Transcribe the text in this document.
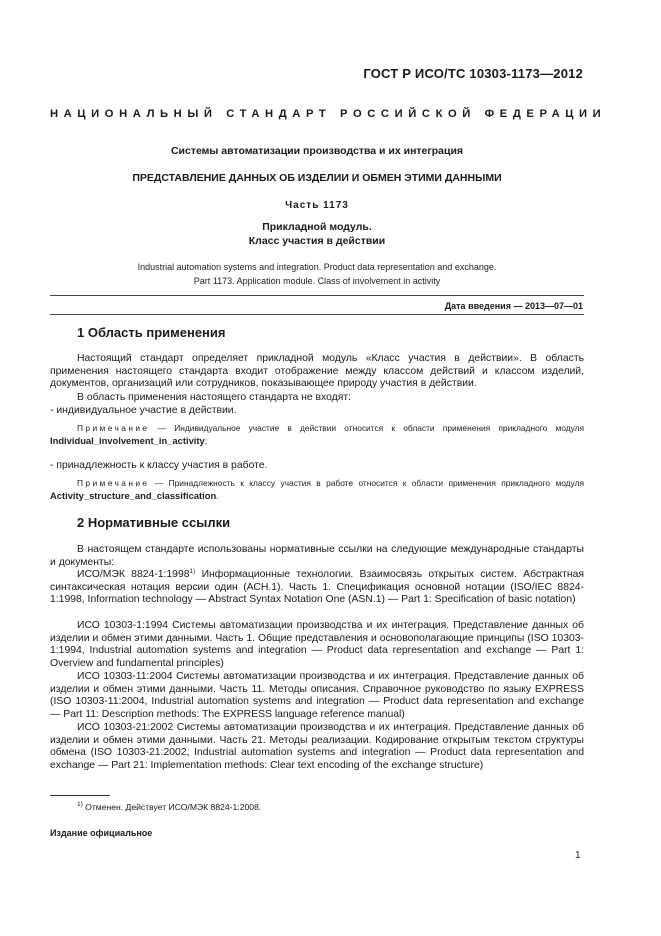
ГОСТ Р ИСО/ТС 10303-1173—2012
НАЦИОНАЛЬНЫЙ СТАНДАРТ РОССИЙСКОЙ ФЕДЕРАЦИИ
Системы автоматизации производства и их интеграция
ПРЕДСТАВЛЕНИЕ ДАННЫХ ОБ ИЗДЕЛИИ И ОБМЕН ЭТИМИ ДАННЫМИ
Часть 1173
Прикладной модуль.
Класс участия в действии
Industrial automation systems and integration. Product data representation and exchange.
Part 1173. Application module. Class of involvement in activity
Дата введения — 2013—07—01
1 Область применения
Настоящий стандарт определяет прикладной модуль «Класс участия в действии». В область применения настоящего стандарта входит отображение между классом действий и классом изделий, документов, организаций или сотрудников, показывающее природу участия в действии.
В область применения настоящего стандарта не входят:
- индивидуальное участие в действии.
Примечание — Индивидуальное участие в действии относится к области применения прикладного модуля Individual_involvement_in_activity;
- принадлежность к классу участия в работе.
Примечание — Принадлежность к классу участия в работе относится к области применения прикладного модуля Activity_structure_and_classification.
2 Нормативные ссылки
В настоящем стандарте использованы нормативные ссылки на следующие международные стандарты и документы:
ИСО/МЭК 8824-1:1998$^{1)}$ Информационные технологии. Взаимосвязь открытых систем. Абстрактная синтаксическая нотация версии один (АСН.1). Часть 1. Спецификация основной нотации (ISO/IEC 8824-1:1998, Information technology — Abstract Syntax Notation One (ASN.1) — Part 1: Specification of basic notation)
ИСО 10303-1:1994 Системы автоматизации производства и их интеграция. Представление данных об изделии и обмен этими данными. Часть 1. Общие представления и основополагающие принципы (ISO 10303-1:1994, Industrial automation systems and integration — Product data representation and exchange — Part 1: Overview and fundamental principles)
ИСО 10303-11:2004 Системы автоматизации производства и их интеграция. Представление данных об изделии и обмен этими данными. Часть 11. Методы описания. Справочное руководство по языку EXPRESS (ISO 10303-11:2004, Industrial automation systems and integration — Product data representation and exchange — Part 11: Description methods: The EXPRESS language reference manual)
ИСО 10303-21:2002 Системы автоматизации производства и их интеграция. Представление данных об изделии и обмен этими данными. Часть 21. Методы реализации. Кодирование открытым текстом структуры обмена (ISO 10303-21:2002, Industrial automation systems and integration — Product data representation and exchange — Part 21: Implementation methods: Clear text encoding of the exchange structure)
$^{1)}$ Отменен. Действует ИСО/МЭК 8824-1:2008.
Издание официальное
1
